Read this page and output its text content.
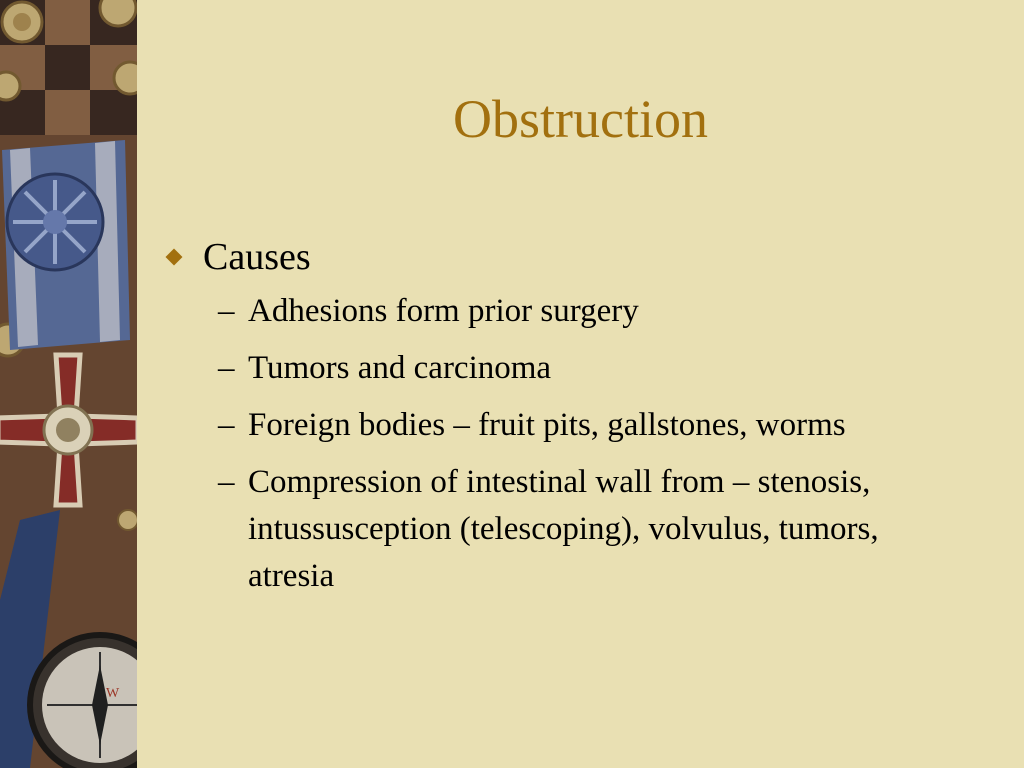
W
Obstruction
Causes
– Adhesions form prior surgery
– Tumors and carcinoma
– Foreign bodies – fruit pits, gallstones, worms
– Compression of intestinal wall from – stenosis, intussusception (telescoping), volvulus, tumors, atresia
